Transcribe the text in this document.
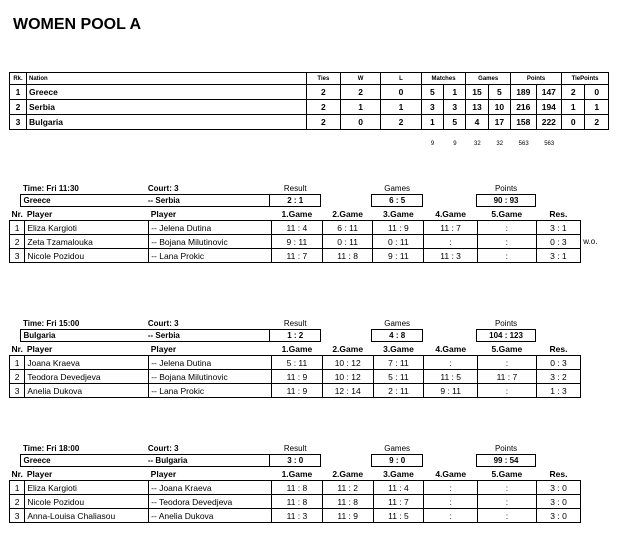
WOMEN POOL A
Rk.	Nation	Ties	W	L	Matches		Games		Points		TiePoints	
1	Greece	2	2	0	5	1	15	5	189	147	2	0
2	Serbia	2	1	1	3	3	13	10	216	194	1	1
3	Bulgaria	2	0	2	1	5	4	17	158	222	0	2
					9	9	32	32	563	563		
	Time: Fri 11:30	Court: 3	Result		Games		Points		
	Greece	-- Serbia	2 : 1		6 : 5		90 : 93		
Nr.	Player	Player	1.Game	2.Game	3.Game	4.Game	5.Game	Res.	
1	Eliza Kargioti	-- Jelena Dutina	11 : 4	6 : 11	11 : 9	11 : 7	:	3 : 1	
2	Zeta Tzamalouka	-- Bojana Milutinovic	9 : 11	0 : 11	0 : 11	:	:	0 : 3	w.o.
3	Nicole Pozidou	-- Lana Prokic	11 : 7	11 : 8	9 : 11	11 : 3	:	3 : 1	
	Time: Fri 15:00	Court: 3	Result		Games		Points		
	Bulgaria	-- Serbia	1 : 2		4 : 8		104 : 123		
Nr.	Player	Player	1.Game	2.Game	3.Game	4.Game	5.Game	Res.	
1	Joana Kraeva	-- Jelena Dutina	5 : 11	10 : 12	7 : 11	:	:	0 : 3	
2	Teodora Devedjeva	-- Bojana Milutinovic	11 : 9	10 : 12	5 : 11	11 : 5	11 : 7	3 : 2	
3	Anelia Dukova	-- Lana Prokic	11 : 9	12 : 14	2 : 11	9 : 11	:	1 : 3	
	Time: Fri 18:00	Court: 3	Result		Games		Points		
	Greece	-- Bulgaria	3 : 0		9 : 0		99 : 54		
Nr.	Player	Player	1.Game	2.Game	3.Game	4.Game	5.Game	Res.	
1	Eliza Kargioti	-- Joana Kraeva	11 : 8	11 : 2	11 : 4	:	:	3 : 0	
2	Nicole Pozidou	-- Teodora Devedjeva	11 : 8	11 : 8	11 : 7	:	:	3 : 0	
3	Anna-Louisa Chaliasou	-- Anelia Dukova	11 : 3	11 : 9	11 : 5	:	:	3 : 0	
